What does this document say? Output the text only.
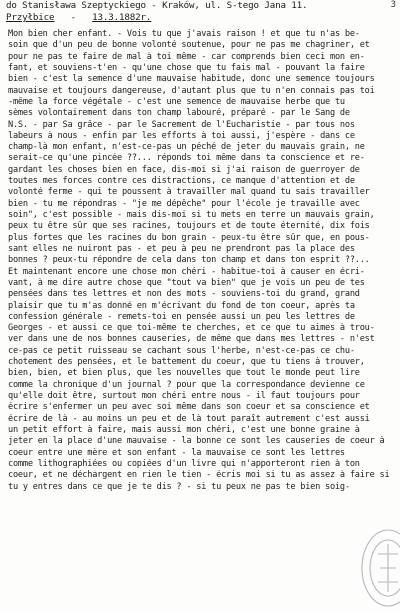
3
do Stanisława Szeptyckiego - Kraków, ul. S-tego Jana 11.
Przyłbice   -   13.3.1882r.
Mon bien cher enfant. - Vois tu que j'avais raison ! et que tu n'as be-
soin que d'un peu de bonne volonté soutenue, pour ne pas me chagriner, et
pour ne pas te faire de mal à toi même - car comprends bien ceci mon en-
fant, et souviens-t'en - qu'une chose que tu fais mal - pouvant la faire
bien - c'est la semence d'une mauvaise habitude, donc une semence toujours
mauvaise et toujours dangereuse, d'autant plus que tu n'en connais pas toi
-même la force végétale - c'est une semence de mauvaise herbe que tu
sèmes volontairement dans ton champ labouré, préparé - par le Sang de
N.S. - par Sa grâce - par le Sacrement de l'Eucharistie - par tous nos
labeurs à nous - enfin par les efforts à toi aussi, j'espère - dans ce
champ-là mon enfant, n'est-ce-pas un péché de jeter du mauvais grain, ne
serait-ce qu'une pincée ??... réponds toi même dans ta conscience et re-
gardant les choses bien en face, dis-moi si j'ai raison de guerroyer de
toutes mes forces contre ces distractions, ce manque d'attention et de
volonté ferme - qui te poussent à travailler mal quand tu sais travailler
bien - tu me répondras - "je me dépêche" pour l'école je travaille avec
soin", c'est possible - mais dis-moi si tu mets en terre un mauvais grain,
peux tu être sûr que ses racines, toujours et de toute éternité, dix fois
plus fortes que les racines du bon grain - peux-tu être sûr que, en pous-
sant elles ne nuiront pas - et peu à peu ne prendront pas la place des
bonnes ? peux-tu répondre de cela dans ton champ et dans ton esprit ??...
Et maintenant encore une chose mon chéri - habitue-toi à causer en écri-
vant, à me dire autre chose que "tout va bien" que je vois un peu de tes
pensées dans tes lettres et non des mots - souviens-toi du grand, grand
plaisir que tu m'as donné en m'écrivant du fond de ton coeur, après ta
confession générale - remets-toi en pensée aussi un peu les lettres de
Georges - et aussi ce que toi-même te cherches, et ce que tu aimes à trou-
ver dans une de nos bonnes causeries, de même que dans mes lettres - n'est
ce-pas ce petit ruisseau se cachant sous l'herbe, n'est-ce-pas ce chu-
chotement des pensées, et le battement du coeur, que tu tiens à trouver,
bien, bien, et bien plus, que les nouvelles que tout le monde peut lire
comme la chronique d'un journal ? pour que la correspondance devienne ce
qu'elle doit être, surtout mon chéri entre nous - il faut toujours pour
écrire s'enfermer un peu avec soi même dans son coeur et sa conscience et
écrire de là - au moins un peu et de là tout paraît autrement c'est aussi
un petit effort à faire, mais aussi mon chéri, c'est une bonne graine à
jeter en la place d'une mauvaise - la bonne ce sont les causeries de coeur à
coeur entre une mère et son enfant - la mauvaise ce sont les lettres
comme lithographiées ou copiées d'un livre qui n'apporteront rien à ton
coeur, et ne déchargent en rien le tien - écris moi si tu as assez à faire si
tu y entres dans ce que je te dis ? - si tu peux ne pas te bien soig-
